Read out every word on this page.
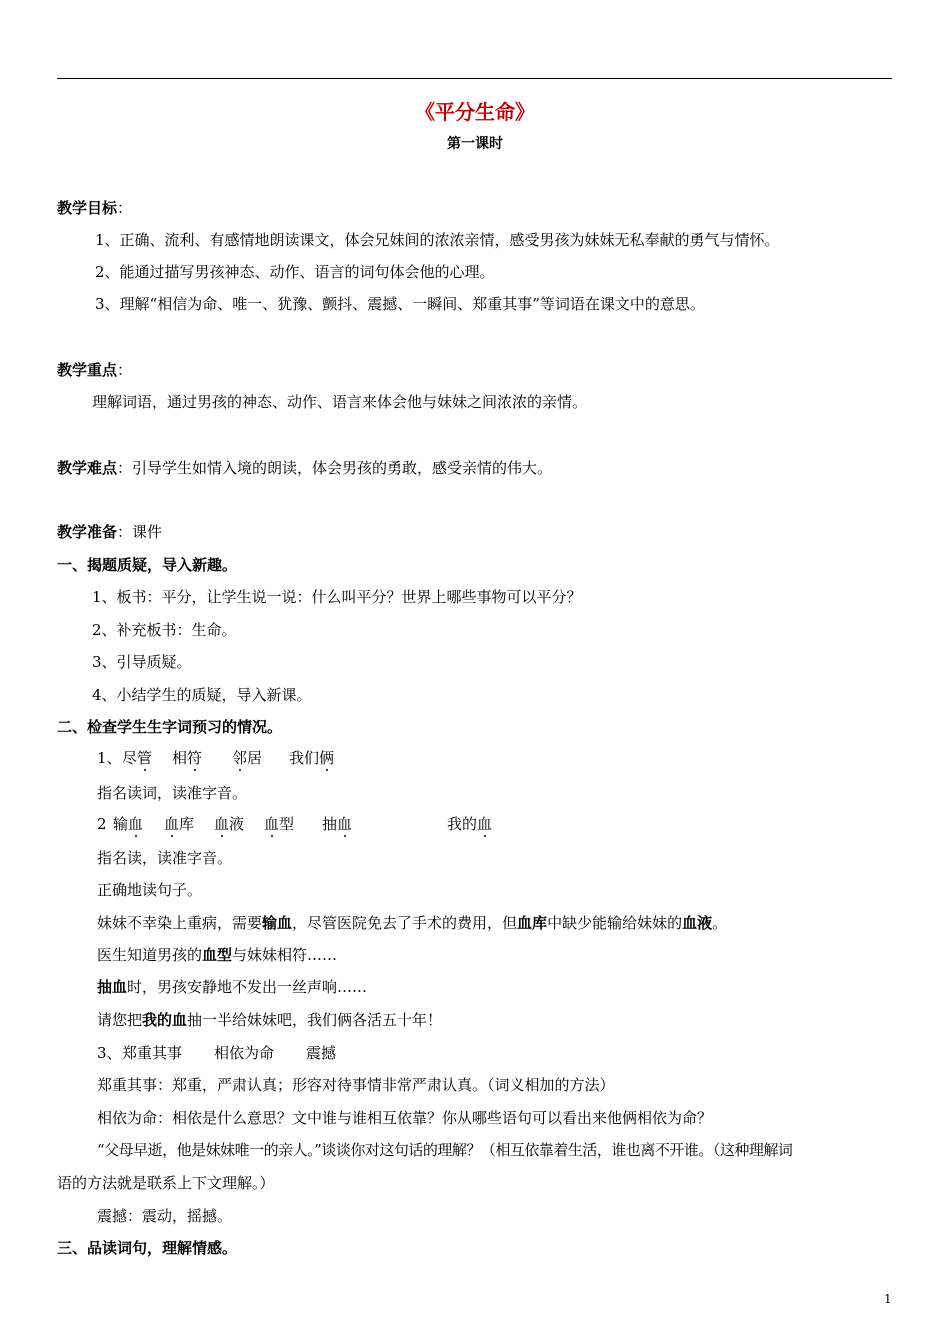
《平分生命》
第一课时
教学目标：
1、正确、流利、有感情地朗读课文，体会兄妹间的浓浓亲情，感受男孩为妹妹无私奉献的勇气与情怀。
2、能通过描写男孩神态、动作、语言的词句体会他的心理。
3、理解“相信为命、唯一、犹豫、颤抖、震撼、一瞬间、郑重其事”等词语在课文中的意思。
教学重点：
理解词语，通过男孩的神态、动作、语言来体会他与妹妹之间浓浓的亲情。
教学难点：引导学生如情入境的朗读，体会男孩的勇敢，感受亲情的伟大。
教学准备：课件
一、揭题质疑，导入新趣。
1、板书：平分，让学生说一说：什么叫平分？世界上哪些事物可以平分？
2、补充板书：生命。
3、引导质疑。
4、小结学生的质疑，导入新课。
二、检查学生生字词预习的情况。
1、 尽管 相符 邻居 我们俩
指名读词，读准字音。
2 输血 血库 血液 血型 抽血	我的血
指名读，读准字音。
正确地读句子。
妹妹不幸染上重病，需要输血，尽管医院免去了手术的费用，但血库中缺少能输给妹妹的血液。
医生知道男孩的血型与妹妹相符……
抽血时，男孩安静地不发出一丝声响……
请您把我的血抽一半给妹妹吧，我们俩各活五十年！
3、 郑重其事 相依为命 震撼
郑重其事：郑重，严肃认真；形容对待事情非常严肃认真。（词义相加的方法）
相依为命：相依是什么意思？文中谁与谁相互依靠？你从哪些语句可以看出来他俩相依为命？
“父母早逝，他是妹妹唯一的亲人。”谈谈你对这句话的理解？（相互依靠着生活，谁也离不开谁。（这种理解词
语的方法就是联系上下文理解。）
震撼：震动，摇撼。
三、品读词句，理解情感。
1
